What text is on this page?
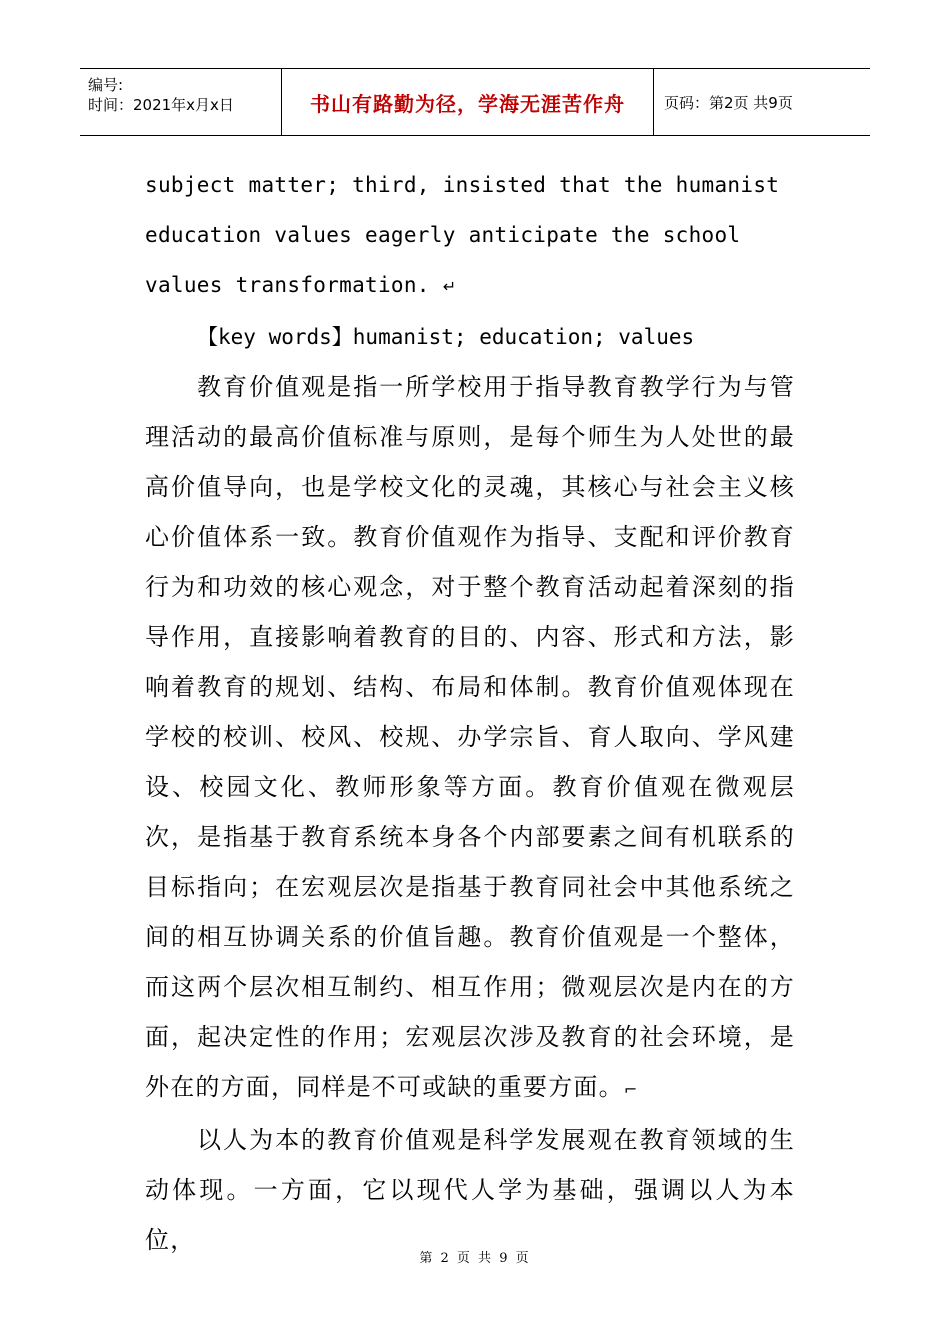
编号:
时间：2021年x月x日	书山有路勤为径，学海无涯苦作舟	页码：第2页 共9页

subject matter; third, insisted that the humanist

education values eagerly anticipate the school

values transformation. ↵

【key words】humanist; education; values

教育价值观是指一所学校用于指导教育教学行为与管理活动的最高价值标准与原则，是每个师生为人处世的最高价值导向，也是学校文化的灵魂，其核心与社会主义核心价值体系一致。教育价值观作为指导、支配和评价教育行为和功效的核心观念，对于整个教育活动起着深刻的指导作用，直接影响着教育的目的、内容、形式和方法，影响着教育的规划、结构、布局和体制。教育价值观体现在学校的校训、校风、校规、办学宗旨、育人取向、学风建设、校园文化、教师形象等方面。教育价值观在微观层次，是指基于教育系统本身各个内部要素之间有机联系的目标指向；在宏观层次是指基于教育同社会中其他系统之间的相互协调关系的价值旨趣。教育价值观是一个整体，而这两个层次相互制约、相互作用；微观层次是内在的方面，起决定性的作用；宏观层次涉及教育的社会环境，是外在的方面，同样是不可或缺的重要方面。⌐

以人为本的教育价值观是科学发展观在教育领域的生动体现。一方面，它以现代人学为基础，强调以人为本位，

第 2 页 共 9 页
